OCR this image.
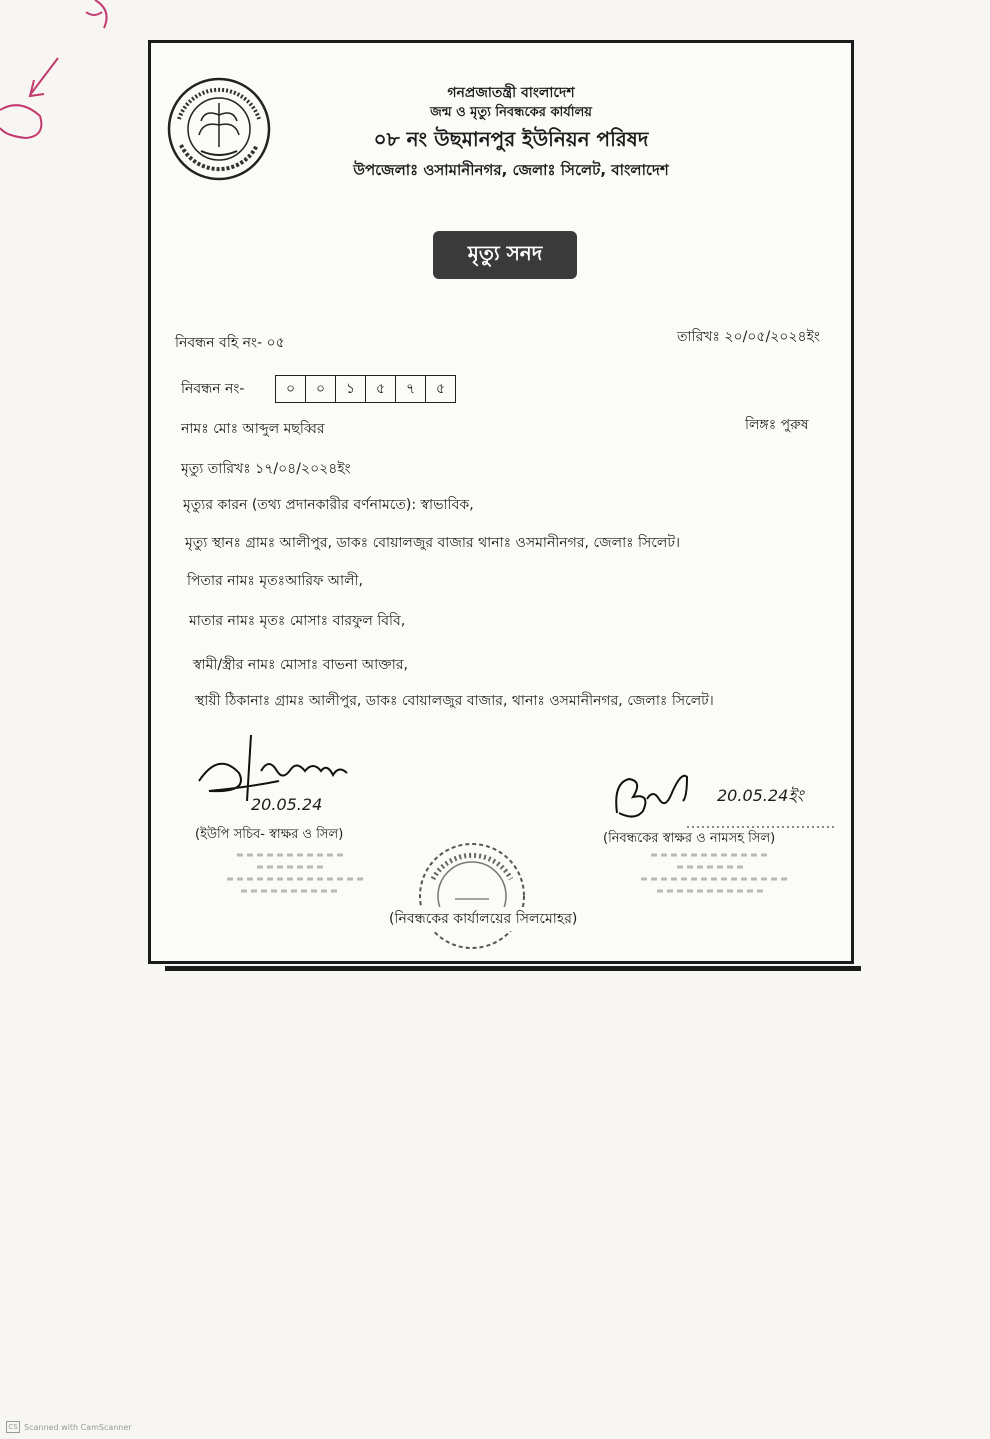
গনপ্রজাতন্ত্রী বাংলাদেশ
জন্ম ও মৃত্যু নিবন্ধকের কার্যালয়
০৮ নং উছমানপুর ইউনিয়ন পরিষদ
উপজেলাঃ ওসামানীনগর, জেলাঃ সিলেট, বাংলাদেশ
মৃত্যু সনদ
নিবন্ধন বহি নং- ০৫	তারিখঃ ২০/০৫/২০২৪ইং
নিবন্ধন নং-	০	০	১	৫	৭	৫
নামঃ মোঃ আব্দুল মছব্বির	লিঙ্গঃ পুরুষ
মৃত্যু তারিখঃ ১৭/০৪/২০২৪ইং
মৃত্যুর কারন (তথ্য প্রদানকারীর বর্ণনামতে): স্বাভাবিক,
মৃত্যু স্থানঃ গ্রামঃ আলীপুর, ডাকঃ বোয়ালজুর বাজার থানাঃ ওসমানীনগর, জেলাঃ সিলেট।
পিতার নামঃ মৃতঃআরিফ আলী,
মাতার নামঃ মৃতঃ মোসাঃ বারফুল বিবি,
স্বামী/স্ত্রীর নামঃ মোসাঃ বাভনা আক্তার,
স্থায়ী ঠিকানাঃ গ্রামঃ আলীপুর, ডাকঃ বোয়ালজুর বাজার, থানাঃ ওসমানীনগর, জেলাঃ সিলেট।
20.05.24
(ইউপি সচিব- স্বাক্ষর ও সিল)
20.05.24ইং
(নিবন্ধকের স্বাক্ষর ও নামসহ সিল)
(নিবন্ধকের কার্যালয়ের সিলমোহর)
CS Scanned with CamScanner
